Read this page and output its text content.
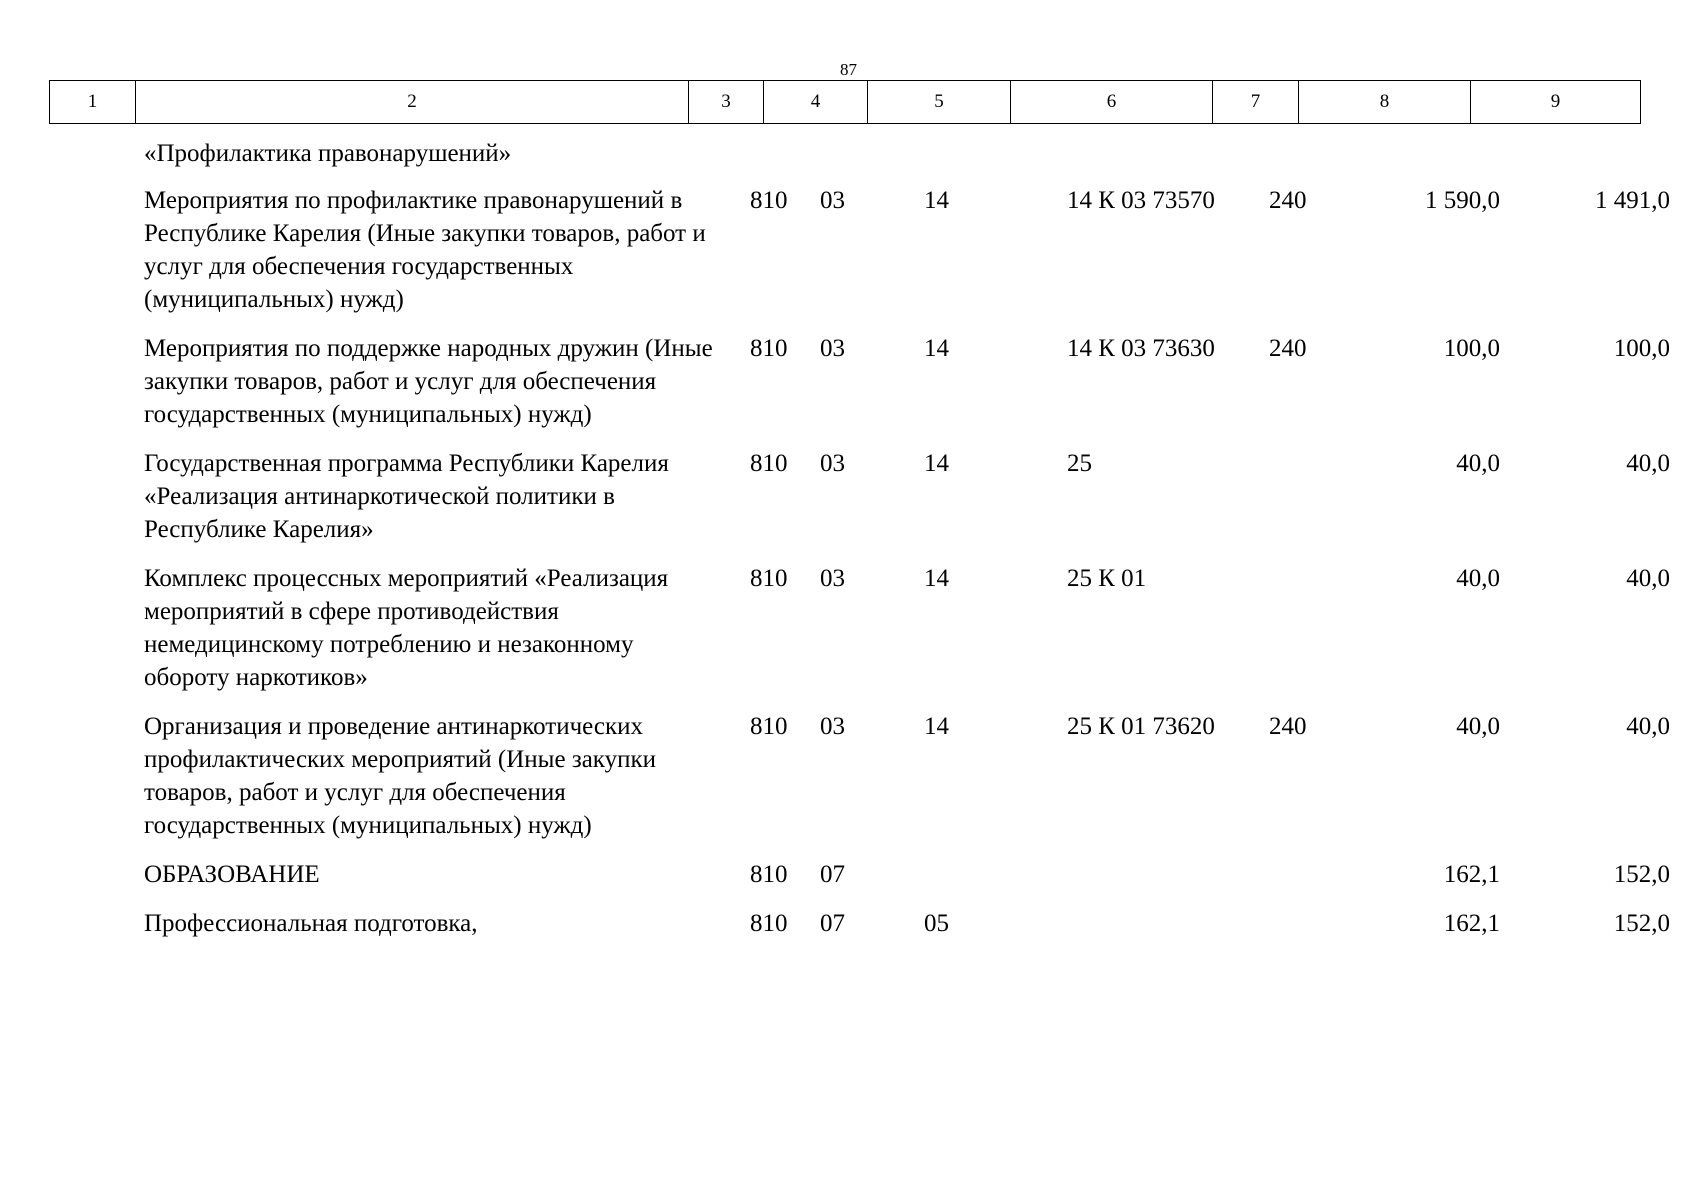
87
1	2	3	4	5	6	7	8	9
«Профилактика правонарушений»							
Мероприятия по профилактике правонарушений в Республике Карелия (Иные закупки товаров, работ и услуг для обеспечения государственных (муниципальных) нужд)	810	03	14	14 К 03 73570	240	1 590,0	1 491,0
Мероприятия по поддержке народных дружин (Иные закупки товаров, работ и услуг для обеспечения государственных (муниципальных) нужд)	810	03	14	14 К 03 73630	240	100,0	100,0
Государственная программа Республики Карелия «Реализация антинаркотической политики в Республике Карелия»	810	03	14	25		40,0	40,0
Комплекс процессных мероприятий «Реализация мероприятий в сфере противодействия немедицинскому потреблению и незаконному обороту наркотиков»	810	03	14	25 К 01		40,0	40,0
Организация и проведение антинаркотических профилактических мероприятий (Иные закупки товаров, работ и услуг для обеспечения государственных (муниципальных) нужд)	810	03	14	25 К 01 73620	240	40,0	40,0
ОБРАЗОВАНИЕ	810	07				162,1	152,0
Профессиональная подготовка,	810	07	05			162,1	152,0
